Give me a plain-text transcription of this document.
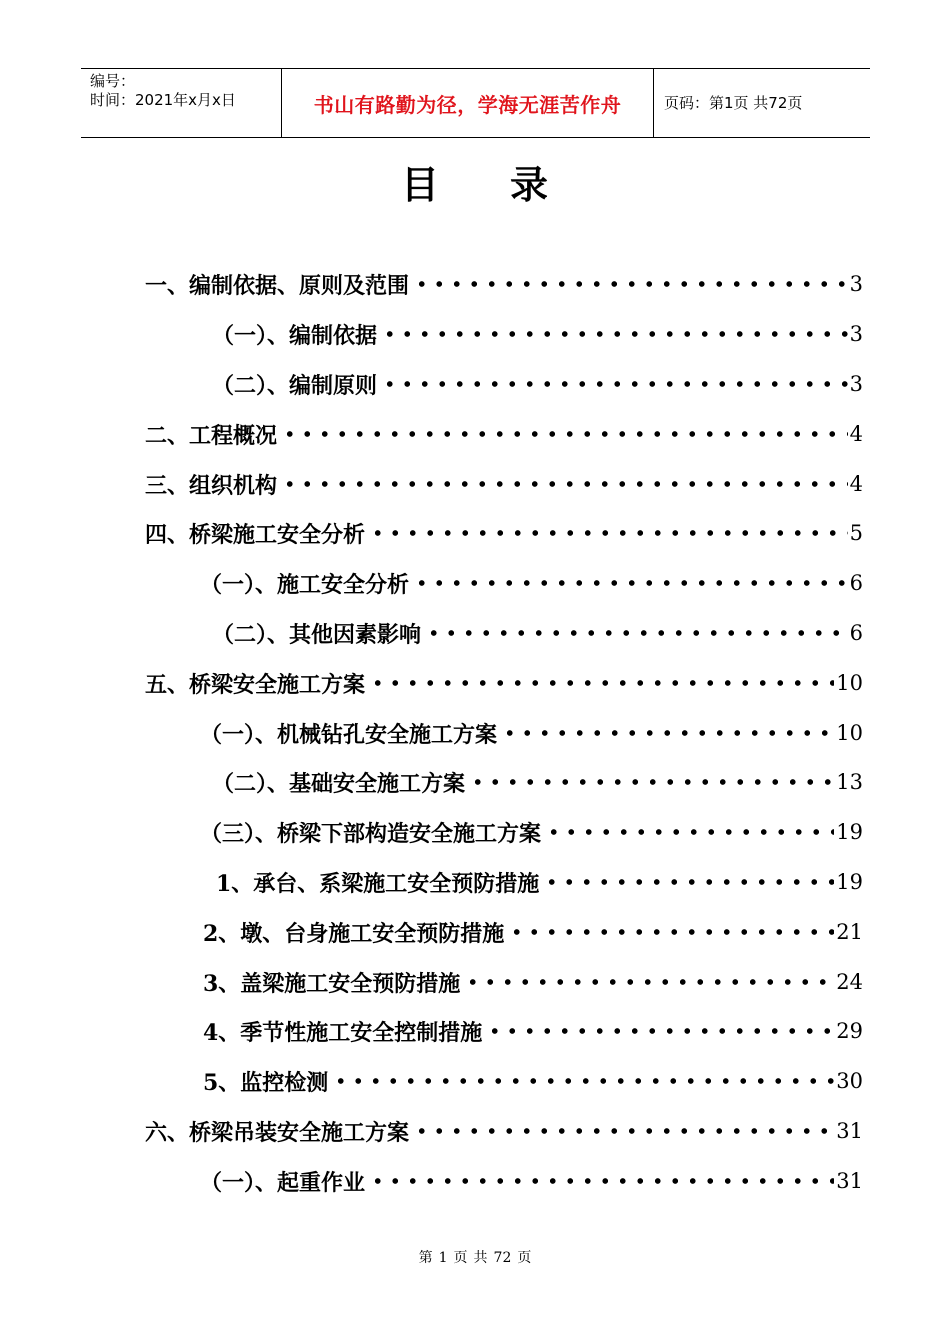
编号：
时间：2021年x月x日	书山有路勤为径，学海无涯苦作舟	页码：第1页 共72页
目 录
一、编制依据、原则及范围	3
（一）、编制依据	3
（二）、编制原则	3
二、工程概况	4
三、组织机构	4
四、桥梁施工安全分析	5
（一）、施工安全分析	6
（二）、其他因素影响	6
五、桥梁安全施工方案	10
（一）、机械钻孔安全施工方案	10
（二）、基础安全施工方案	13
（三）、桥梁下部构造安全施工方案	19
1、承台、系梁施工安全预防措施	19
2、墩、台身施工安全预防措施	21
3、盖梁施工安全预防措施	24
4、季节性施工安全控制措施	29
5、监控检测	30
六、桥梁吊装安全施工方案	31
（一）、起重作业	31
第 1 页 共 72 页
